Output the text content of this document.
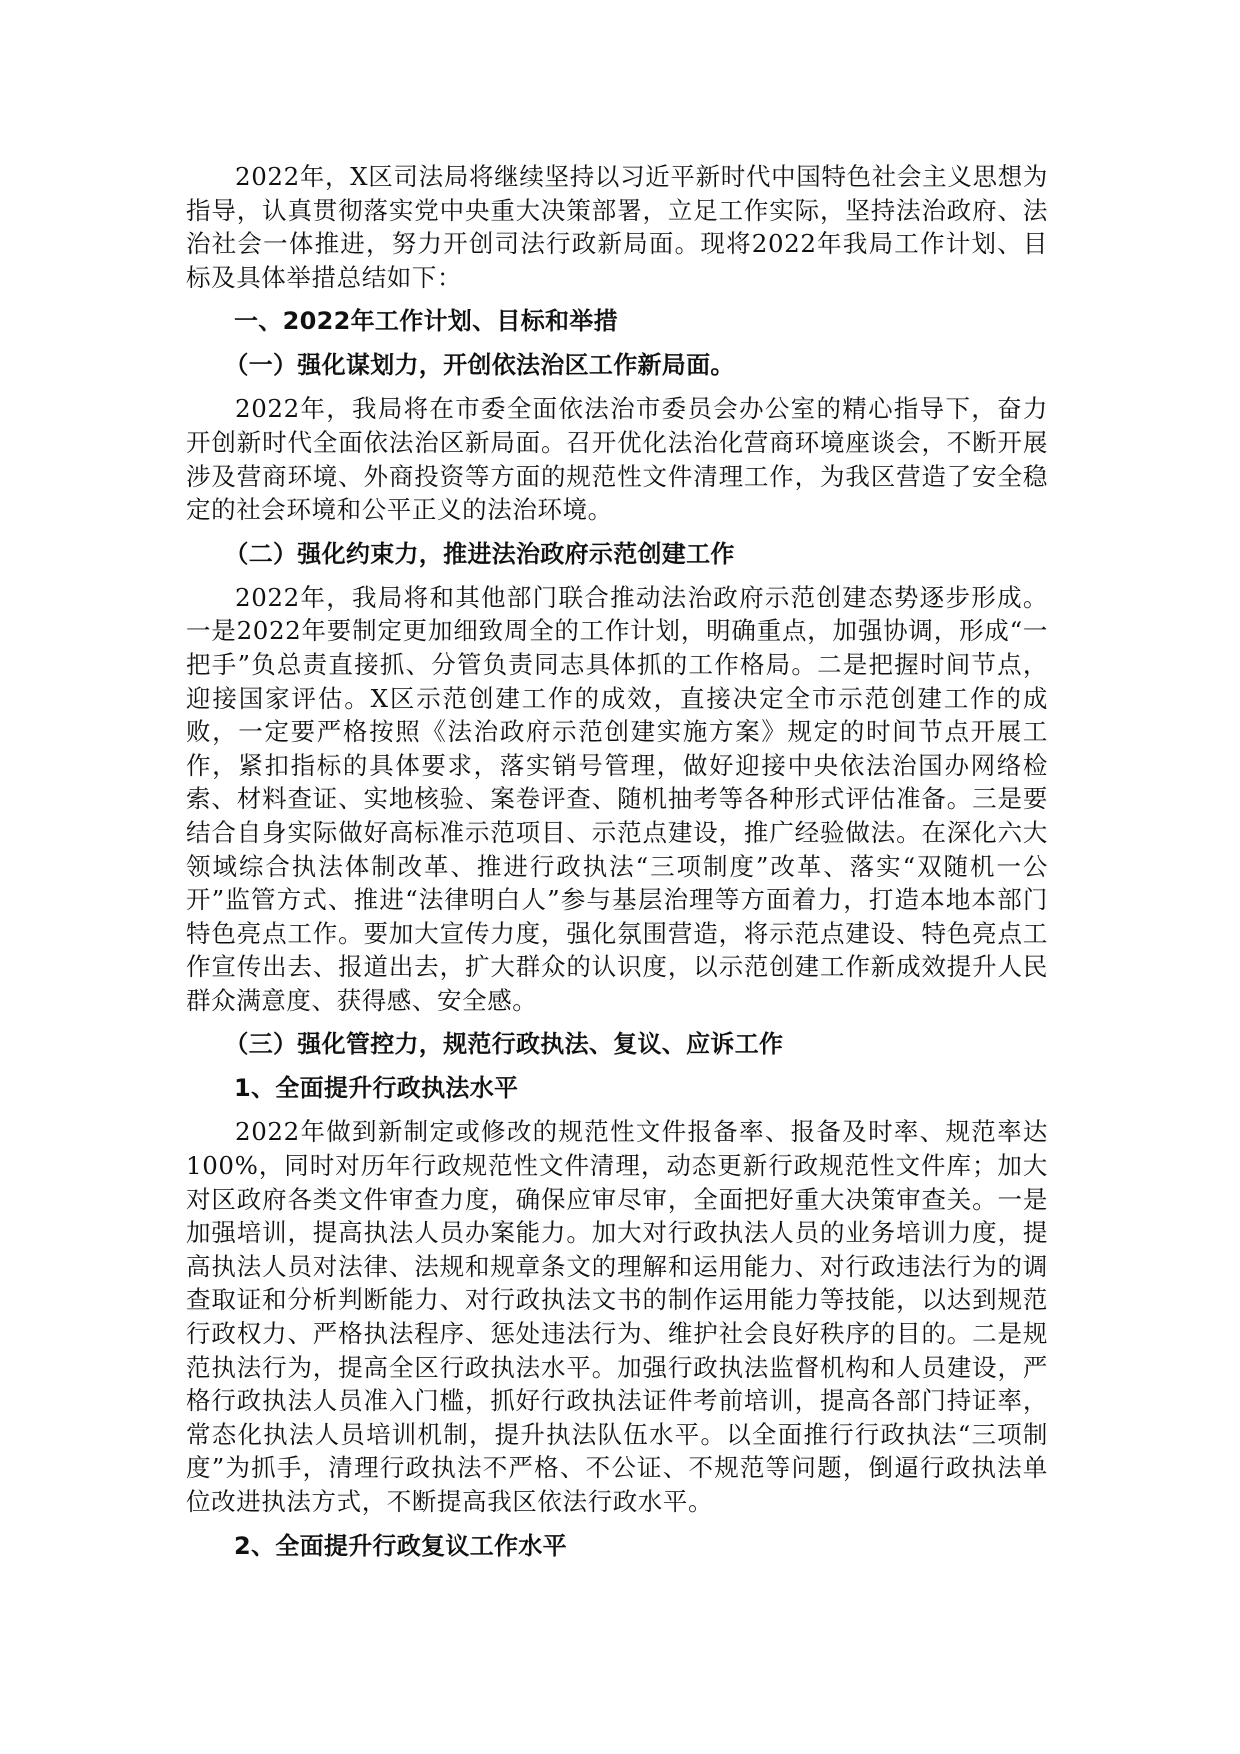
2022年，X区司法局将继续坚持以习近平新时代中国特色社会主义思想为指导，认真贯彻落实党中央重大决策部署，立足工作实际，坚持法治政府、法治社会一体推进，努力开创司法行政新局面。现将2022年我局工作计划、目标及具体举措总结如下：

一、2022年工作计划、目标和举措

（一）强化谋划力，开创依法治区工作新局面。

2022年，我局将在市委全面依法治市委员会办公室的精心指导下，奋力开创新时代全面依法治区新局面。召开优化法治化营商环境座谈会，不断开展涉及营商环境、外商投资等方面的规范性文件清理工作，为我区营造了安全稳定的社会环境和公平正义的法治环境。

（二）强化约束力，推进法治政府示范创建工作

2022年，我局将和其他部门联合推动法治政府示范创建态势逐步形成。一是2022年要制定更加细致周全的工作计划，明确重点，加强协调，形成“一把手”负总责直接抓、分管负责同志具体抓的工作格局。二是把握时间节点，迎接国家评估。X区示范创建工作的成效，直接决定全市示范创建工作的成败，一定要严格按照《法治政府示范创建实施方案》规定的时间节点开展工作，紧扣指标的具体要求，落实销号管理，做好迎接中央依法治国办网络检索、材料查证、实地核验、案卷评查、随机抽考等各种形式评估准备。三是要结合自身实际做好高标准示范项目、示范点建设，推广经验做法。在深化六大领域综合执法体制改革、推进行政执法“三项制度”改革、落实“双随机一公开”监管方式、推进“法律明白人”参与基层治理等方面着力，打造本地本部门特色亮点工作。要加大宣传力度，强化氛围营造，将示范点建设、特色亮点工作宣传出去、报道出去，扩大群众的认识度，以示范创建工作新成效提升人民群众满意度、获得感、安全感。

（三）强化管控力，规范行政执法、复议、应诉工作

1、全面提升行政执法水平

2022年做到新制定或修改的规范性文件报备率、报备及时率、规范率达100%，同时对历年行政规范性文件清理，动态更新行政规范性文件库；加大对区政府各类文件审查力度，确保应审尽审，全面把好重大决策审查关。一是加强培训，提高执法人员办案能力。加大对行政执法人员的业务培训力度，提高执法人员对法律、法规和规章条文的理解和运用能力、对行政违法行为的调查取证和分析判断能力、对行政执法文书的制作运用能力等技能，以达到规范行政权力、严格执法程序、惩处违法行为、维护社会良好秩序的目的。二是规范执法行为，提高全区行政执法水平。加强行政执法监督机构和人员建设，严格行政执法人员准入门槛，抓好行政执法证件考前培训，提高各部门持证率，常态化执法人员培训机制，提升执法队伍水平。以全面推行行政执法“三项制度”为抓手，清理行政执法不严格、不公证、不规范等问题，倒逼行政执法单位改进执法方式，不断提高我区依法行政水平。

2、全面提升行政复议工作水平
